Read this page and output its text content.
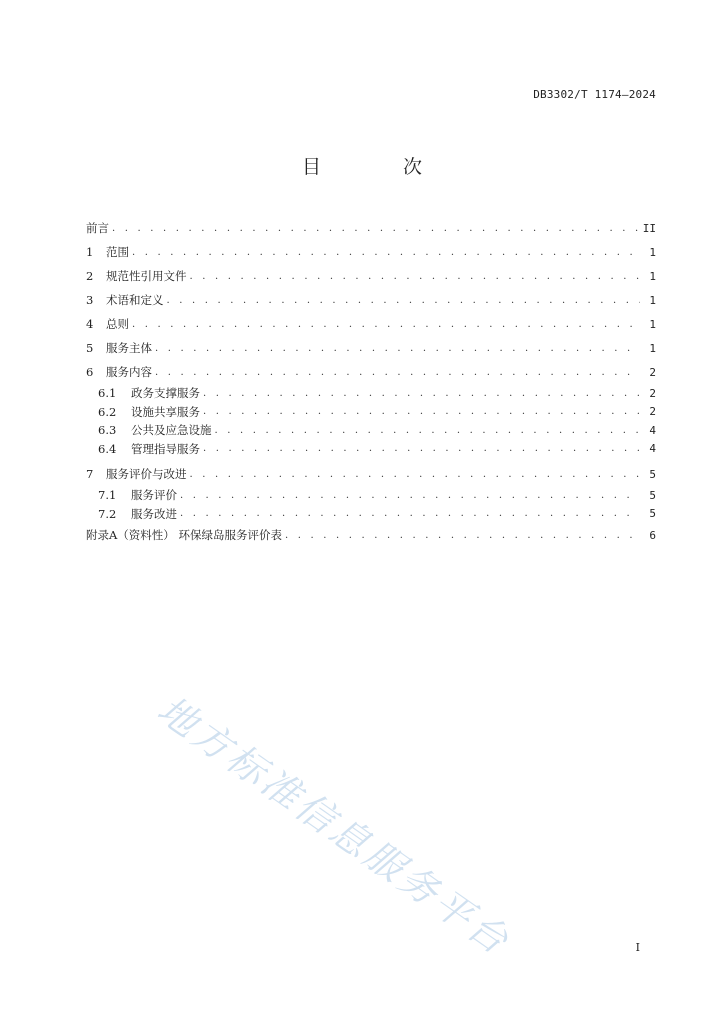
DB3302/T 1174—2024
目 次
前言 . . .	II
1	范围 . . .	1
2	规范性引用文件 . . .	1
3	术语和定义 . . .	1
4	总则 . . .	1
5	服务主体 . . .	1
6	服务内容 . . .	2
6.1	政务支撑服务 . . .	2
6.2	设施共享服务 . . .	2
6.3	公共及应急设施 . . .	4
6.4	管理指导服务 . . .	4
7	服务评价与改进 . . .	5
7.1	服务评价 . . .	5
7.2	服务改进 . . .	5
附录A（资料性） 环保绿岛服务评价表 . . .	6
地方标准信息服务平台	I
